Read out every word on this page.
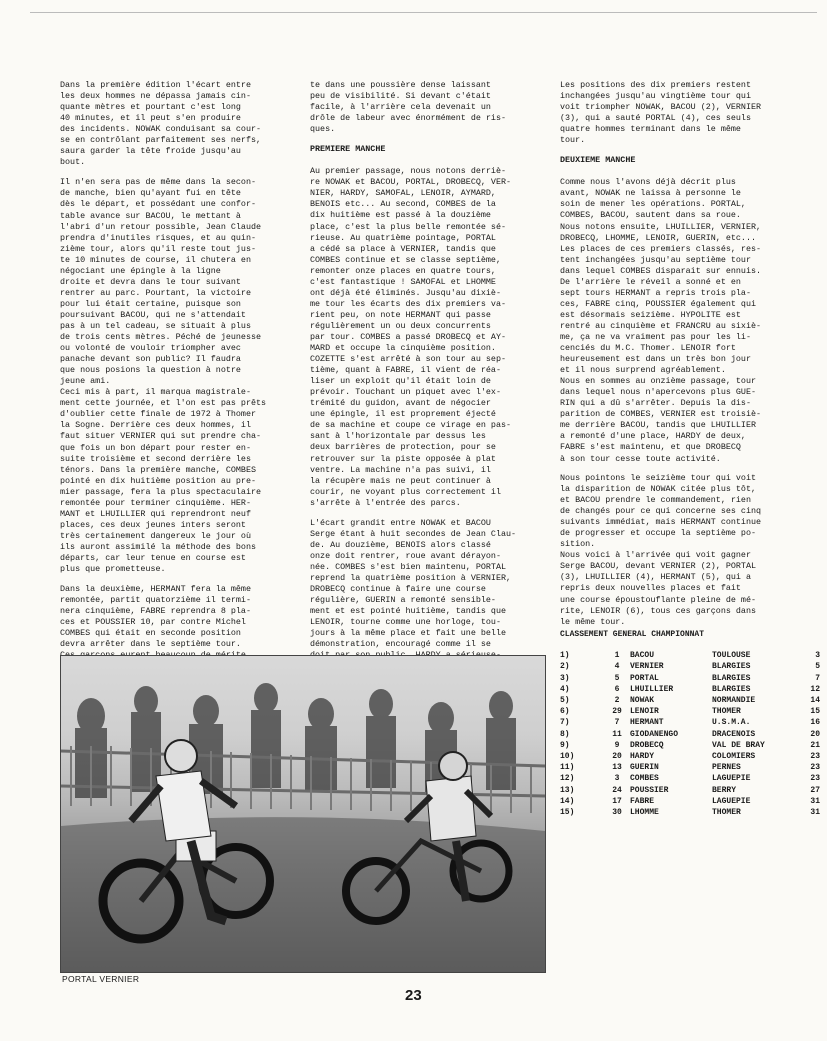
Dans la première édition l'écart entre
les deux hommes ne dépassa jamais cin-
quante mètres et pourtant c'est long
40 minutes, et il peut s'en produire
des incidents. NOWAK conduisant sa cour-
se en contrôlant parfaitement ses nerfs,
saura garder la tête froide jusqu'au
bout.

Il n'en sera pas de même dans la secon-
de manche, bien qu'ayant fui en tête
dès le départ, et possédant une confor-
table avance sur BACOU, le mettant à
l'abri d'un retour possible, Jean Claude
prendra d'inutiles risques, et au quin-
zième tour, alors qu'il reste tout jus-
te 10 minutes de course, il chutera en
négociant une épingle à la ligne
droite et devra dans le tour suivant
rentrer au parc. Pourtant, la victoire
pour lui était certaine, puisque son
poursuivant BACOU, qui ne s'attendait
pas à un tel cadeau, se situait à plus
de trois cents mètres. Péché de jeunesse
ou volonté de vouloir triompher avec
panache devant son public? Il faudra
que nous posions la question à notre
jeune ami.
Ceci mis à part, il marqua magistrale-
ment cette journée, et l'on est pas prêts
d'oublier cette finale de 1972 à Thomer
la Sogne. Derrière ces deux hommes, il
faut situer VERNIER qui sut prendre cha-
que fois un bon départ pour rester en-
suite troisième et second derrière les
ténors. Dans la première manche, COMBES
pointé en dix huitième position au pre-
mier passage, fera la plus spectaculaire
remontée pour terminer cinquième. HER-
MANT et LHUILLIER qui reprendront neuf
places, ces deux jeunes inters seront
très certainement dangereux le jour où
ils auront assimilé la méthode des bons
départs, car leur tenue en course est
plus que prometteuse.

Dans la deuxième, HERMANT fera la même
remontée, partit quatorzième il termi-
nera cinquième, FABRE reprendra 8 pla-
ces et POUSSIER 10, par contre Michel
COMBES qui était en seconde position
devra arrêter dans le septième tour.

te dans une poussière dense laissant
peu de visibilité. Si devant c'était
facile, à l'arrière cela devenait un
drôle de labeur avec énormément de ris-
ques.

PREMIERE MANCHE

Au premier passage, nous notons derriè-
re NOWAK et BACOU, PORTAL, DROBECQ, VER-
NIER, HARDY, SAMOFAL, LENOIR, AYMARD,
BENOIS etc... Au second, COMBES de la
dix huitième est passé à la douzième
place, c'est la plus belle remontée sé-
rieuse. Au quatrième pointage, PORTAL
a cédé sa place à VERNIER, tandis que
COMBES continue et se classe septième,
remonter onze places en quatre tours,
c'est fantastique ! SAMOFAL et LHOMME
ont déjà été éliminés. Jusqu'au dixiè-
me tour les écarts des dix premiers va-
rient peu, on note HERMANT qui passe
régulièrement un ou deux concurrents
par tour. COMBES a passé DROBECQ et AY-
MARD et occupe la cinquième position.
COZETTE s'est arrêté à son tour au sep-
tième, quant à FABRE, il vient de réa-
liser un exploit qu'il était loin de
prévoir. Touchant un piquet avec l'ex-
trémité du guidon, avant de négocier
une épingle, il est proprement éjecté
de sa machine et coupe ce virage en pas-
sant à l'horizontale par dessus les
deux barrières de protection, pour se
retrouver sur la piste opposée à plat
ventre. La machine n'a pas suivi, il
la récupère mais ne peut continuer à
courir, ne voyant plus correctement il
s'arrête à l'entrée des parcs.

L'écart grandit entre NOWAK et BACOU
Serge étant à huit secondes de Jean Clau-
de. Au douzième, BENOIS alors classé
onze doit rentrer, roue avant dérayon-
née. COMBES s'est bien maintenu, PORTAL
reprend la quatrième position à VERNIER,
DROBECQ continue à faire une course
régulière, GUERIN a remonté sensible-
ment et est pointé huitième, tandis que
LENOIR, tourne comme une horloge, tou-
jours à la même place et fait une belle
démonstration, encouragé comme il se

Les positions des dix premiers restent
inchangées jusqu'au vingtième tour qui
voit triompher NOWAK, BACOU (2), VERNIER
(3), qui a sauté PORTAL (4), ces seuls
quatre hommes terminant dans le même
tour.

DEUXIEME MANCHE

Comme nous l'avons déjà décrit plus
avant, NOWAK ne laissa à personne le
soin de mener les opérations. PORTAL,
COMBES, BACOU, sautent dans sa roue.
Nous notons ensuite, LHUILLIER, VERNIER,
DROBECQ, LHOMME, LENOIR, GUERIN, etc...
Les places de ces premiers classés, res-
tent inchangées jusqu'au septième tour
dans lequel COMBES disparait sur ennuis.
De l'arrière le réveil a sonné et en
sept tours HERMANT a repris trois pla-
ces, FABRE cinq, POUSSIER également qui
est désormais seizième. HYPOLITE est
rentré au cinquième et FRANCRU au sixiè-
me, ça ne va vraiment pas pour les li-
cenciés du M.C. Thomer. LENOIR fort
heureusement est dans un très bon jour
et il nous surprend agréablement.
Nous en sommes au onzième passage, tour
dans lequel nous n'apercevons plus GUE-
RIN qui a dû s'arrêter. Depuis la dis-
parition de COMBES, VERNIER est troisiè-
me derrière BACOU, tandis que LHUILLIER
a remonté d'une place, HARDY de deux,
FABRE s'est maintenu, et que DROBECQ
à son tour cesse toute activité.

Nous pointons le seizième tour qui voit
la disparition de NOWAK citée plus tôt,
et BACOU prendre le commandement, rien
de changés pour ce qui concerne ses cinq
suivants immédiat, mais HERMANT continue
de progresser et occupe la septième po-
sition.
Nous voici à l'arrivée qui voit gagner
Serge BACOU, devant VERNIER (2), PORTAL
(3), LHUILLIER (4), HERMANT (5), qui a
repris deux nouvelles places et fait
une course époustouflante pleine de mé-
rite, LENOIR (6), tous ces garçons dans
le même tour.

CLASSEMENT GENERAL CHAMPIONNAT
1)	1	BACOU	TOULOUSE	3
2)	4	VERNIER	BLARGIES	5
3)	5	PORTAL	BLARGIES	7
4)	6	LHUILLIER	BLARGIES	12
5)	2	NOWAK	NORMANDIE	14
6)	29	LENOIR	THOMER	15
7)	7	HERMANT	U.S.M.A.	16
8)	11	GIODANENGO	DRACENOIS	20
9)	9	DROBECQ	VAL DE BRAY	21
10)	20	HARDY	COLOMIERS	23
11)	13	GUERIN	PERNES	23
12)	3	COMBES	LAGUEPIE	23
13)	24	POUSSIER	BERRY	27
14)	17	FABRE	LAGUEPIE	31
15)	30	LHOMME	THOMER	31
PORTAL VERNIER
23
